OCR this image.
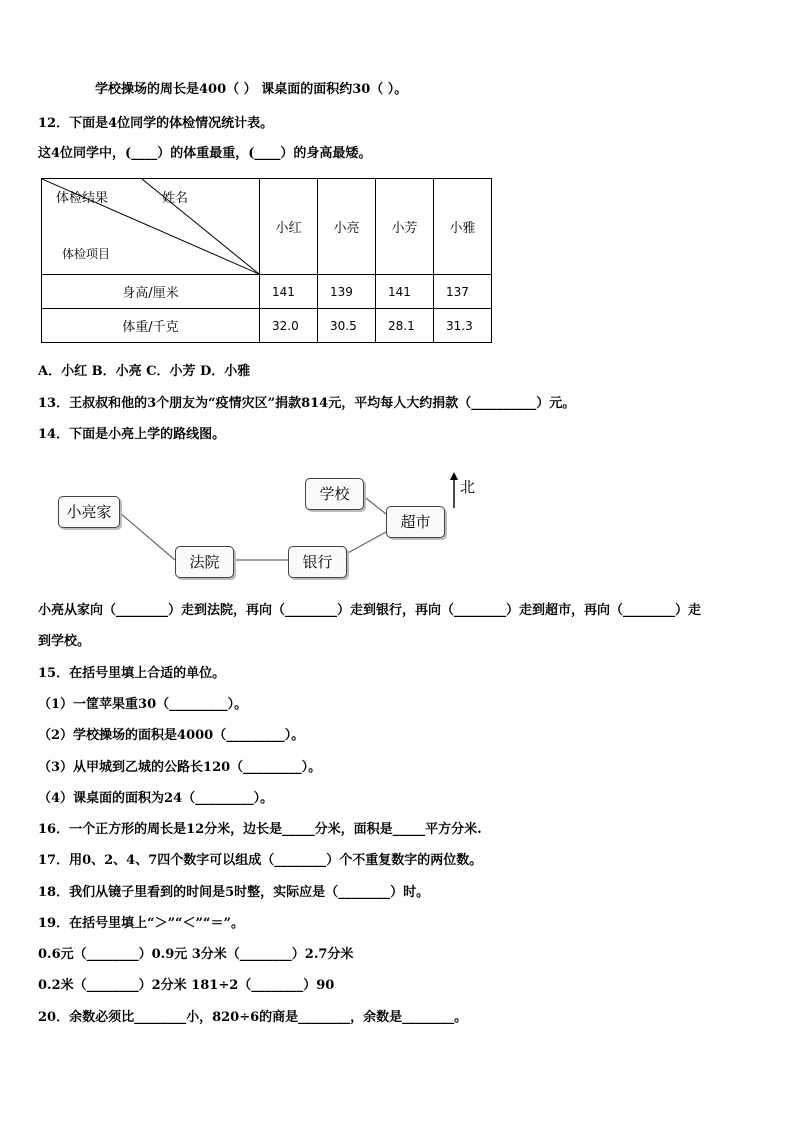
学校操场的周长是400（ ） 课桌面的面积约30（ ）。
12．下面是4位同学的体检情况统计表。
这4位同学中，(____）的体重最重，(____）的身高最矮。
体检结果 姓名
体检项目	小红	小亮	小芳	小雅
身高/厘米	141	139	141	137
体重/千克	32.0	30.5	28.1	31.3
A．小红 B．小亮 C．小芳 D．小雅
13．王叔叔和他的3个朋友为“疫情灾区”捐款814元，平均每人大约捐款（__________）元。
14．下面是小亮上学的路线图。
小亮家
法院	银行
学校
超市
北
小亮从家向（________）走到法院，再向（________）走到银行，再向（________）走到超市，再向（________）走
到学校。
15．在括号里填上合适的单位。
（1）一筐苹果重30（_________）。
（2）学校操场的面积是4000（_________）。
（3）从甲城到乙城的公路长120（_________）。
（4）课桌面的面积为24（_________）。
16．一个正方形的周长是12分米，边长是_____分米，面积是_____平方分米.
17．用0、2、4、7四个数字可以组成（________）个不重复数字的两位数。
18．我们从镜子里看到的时间是5时整，实际应是（________）时。
19．在括号里填上“＞”“＜”“＝”。
0.6元（________）0.9元 3分米（________）2.7分米
0.2米（________）2分米 181÷2（________）90
20．余数必须比________小，820÷6的商是________，余数是________。
